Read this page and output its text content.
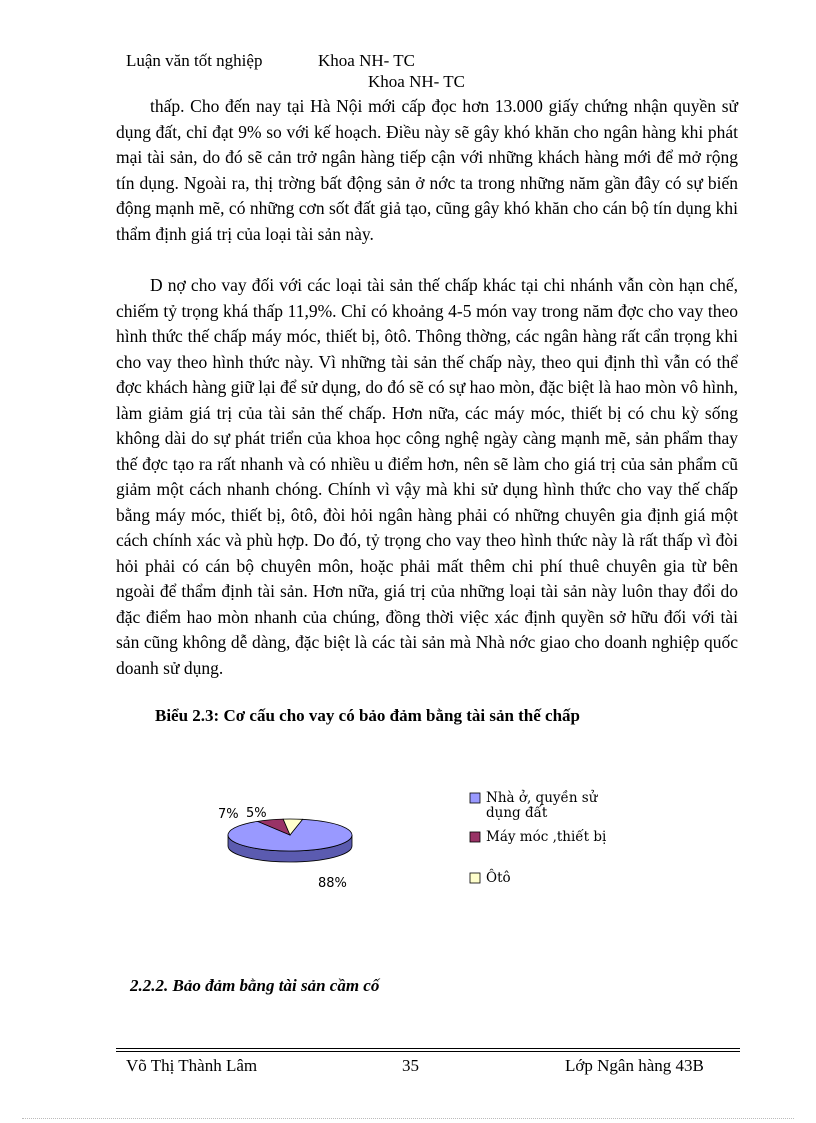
Luận văn tốt nghiệp	Khoa NH- TC
Khoa NH- TC

thấp. Cho đến nay tại Hà Nội mới cấp đọc hơn 13.000 giấy chứng nhận quyền sử dụng đất, chỉ đạt 9% so với kế hoạch. Điều này sẽ gây khó khăn cho ngân hàng khi phát mại tài sản, do đó sẽ cản trở ngân hàng tiếp cận với những khách hàng mới để mở rộng tín dụng. Ngoài ra, thị trờng bất động sản ở nớc ta trong những năm gần đây có sự biến động mạnh mẽ, có những cơn sốt đất giả tạo, cũng gây khó khăn cho cán bộ tín dụng khi thẩm định giá trị của loại tài sản này.

D nợ cho vay đối với các loại tài sản thế chấp khác tại chi nhánh vẫn còn hạn chế, chiếm tỷ trọng khá thấp 11,9%. Chỉ có khoảng 4-5 món vay trong năm đợc cho vay theo hình thức thế chấp máy móc, thiết bị, ôtô. Thông thờng, các ngân hàng rất cẩn trọng khi cho vay theo hình thức này. Vì những tài sản thế chấp này, theo qui định thì vẫn có thể đợc khách hàng giữ lại để sử dụng, do đó sẽ có sự hao mòn, đặc biệt là hao mòn vô hình, làm giảm giá trị của tài sản thế chấp. Hơn nữa, các máy móc, thiết bị có chu kỳ sống không dài do sự phát triển của khoa học công nghệ ngày càng mạnh mẽ, sản phẩm thay thế đợc tạo ra rất nhanh và có nhiều u điểm hơn, nên sẽ làm cho giá trị của sản phẩm cũ giảm một cách nhanh chóng. Chính vì vậy mà khi sử dụng hình thức cho vay thế chấp bằng máy móc, thiết bị, ôtô, đòi hỏi ngân hàng phải có những chuyên gia định giá một cách chính xác và phù hợp. Do đó, tỷ trọng cho vay theo hình thức này là rất thấp vì đòi hỏi phải có cán bộ chuyên môn, hoặc phải mất thêm chi phí thuê chuyên gia từ bên ngoài để thẩm định tài sản. Hơn nữa, giá trị của những loại tài sản này luôn thay đổi do đặc điểm hao mòn nhanh của chúng, đồng thời việc xác định quyền sở hữu đối với tài sản cũng không dễ dàng, đặc biệt là các tài sản mà Nhà nớc giao cho doanh nghiệp quốc doanh sử dụng.

Biểu 2.3: Cơ cấu cho vay có bảo đảm bằng tài sản thế chấp
88%
7% 5%
Nhà ở, quyền sử
dụng đất
Máy móc ,thiết bị
Ôtô
2.2.2. Bảo đảm bằng tài sản cầm cố
Võ Thị Thành Lâm	35	Lớp Ngân hàng 43B
